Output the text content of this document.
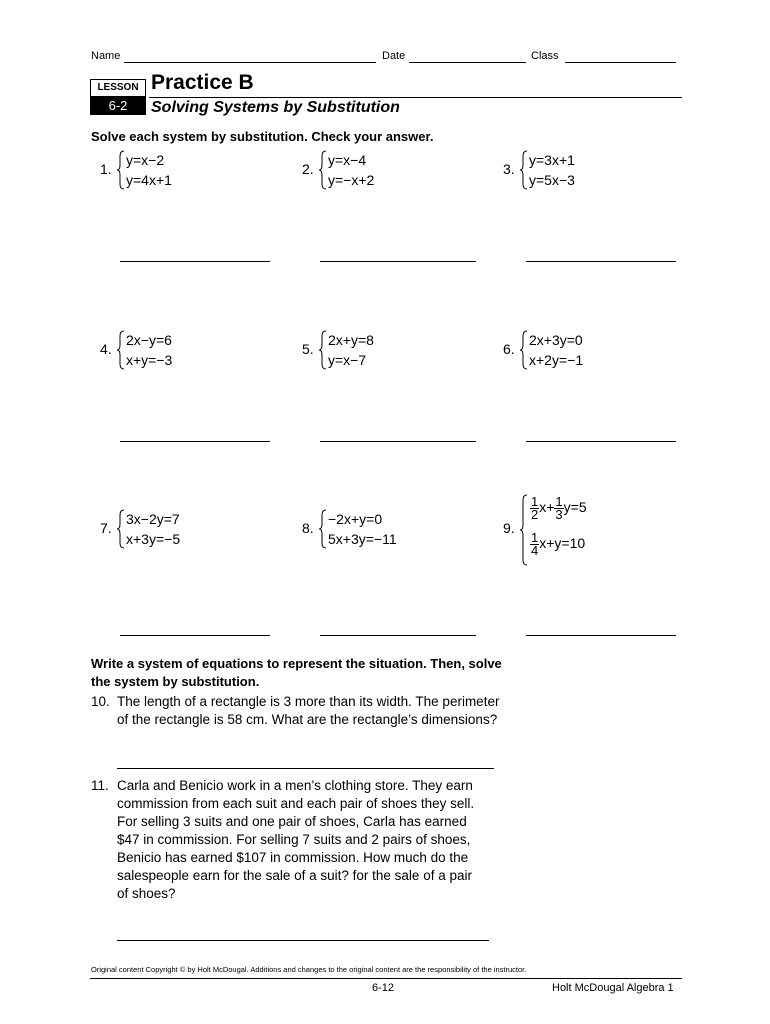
Name	Date	Class
LESSON
6-2
Practice B
Solving Systems by Substitution
Solve each system by substitution. Check your answer.
1.
y=x−2
y=4x+1
2.
y=x−4
y=−x+2
3.
y=3x+1
y=5x−3
4.
2x−y=6
x+y=−3
5.
2x+y=8
y=x−7
6.
2x+3y=0
x+2y=−1
7.
3x−2y=7
x+3y=−5
8.
−2x+y=0
5x+3y=−11
9.
$\frac{1}{2} x+ \frac{1}{3} y=5$
$\frac{1}{4} x+y=10$
Write a system of equations to represent the situation. Then, solve
the system by substitution.
10. The length of a rectangle is 3 more than its width. The perimeter
of the rectangle is 58 cm. What are the rectangle’s dimensions?
11. Carla and Benicio work in a men’s clothing store. They earn
commission from each suit and each pair of shoes they sell.
For selling 3 suits and one pair of shoes, Carla has earned
$47 in commission. For selling 7 suits and 2 pairs of shoes,
Benicio has earned $107 in commission. How much do the
salespeople earn for the sale of a suit? for the sale of a pair
of shoes?
Original content Copyright © by Holt McDougal. Additions and changes to the original content are the responsibility of the instructor.
6-12	Holt McDougal Algebra 1
